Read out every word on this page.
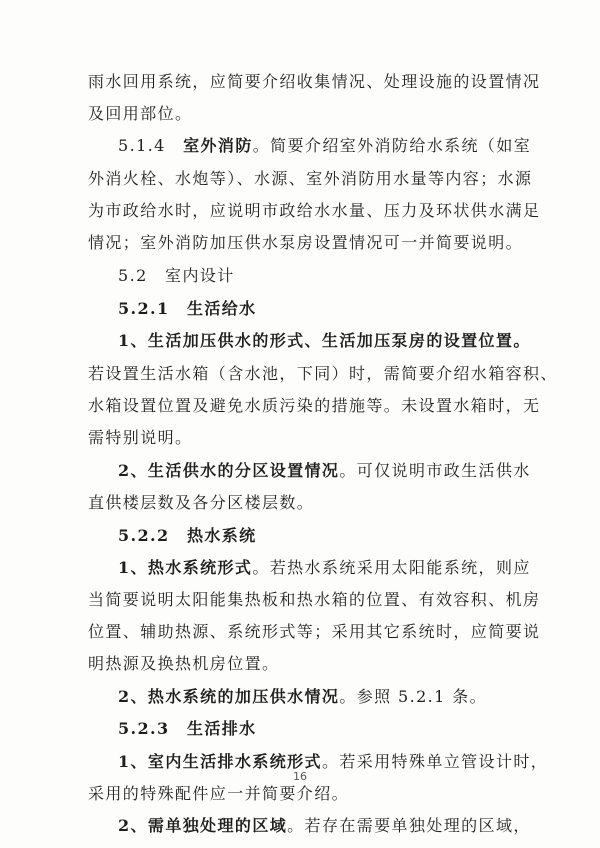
雨水回用系统，应简要介绍收集情况、处理设施的设置情况
及回用部位。
5.1.4　室外消防。简要介绍室外消防给水系统（如室
外消火栓、水炮等）、水源、室外消防用水量等内容；水源
为市政给水时，应说明市政给水水量、压力及环状供水满足
情况；室外消防加压供水泵房设置情况可一并简要说明。
5.2　室内设计
5.2.1　生活给水
1、生活加压供水的形式、生活加压泵房的设置位置。
若设置生活水箱（含水池，下同）时，需简要介绍水箱容积、
水箱设置位置及避免水质污染的措施等。未设置水箱时，无
需特别说明。
2、生活供水的分区设置情况。可仅说明市政生活供水
直供楼层数及各分区楼层数。
5.2.2　热水系统
1、热水系统形式。若热水系统采用太阳能系统，则应
当简要说明太阳能集热板和热水箱的位置、有效容积、机房
位置、辅助热源、系统形式等；采用其它系统时，应简要说
明热源及换热机房位置。
2、热水系统的加压供水情况。参照 5.2.1 条。
5.2.3　生活排水
1、室内生活排水系统形式。若采用特殊单立管设计时，
采用的特殊配件应一并简要介绍。
2、需单独处理的区域。若存在需要单独处理的区域，
16
